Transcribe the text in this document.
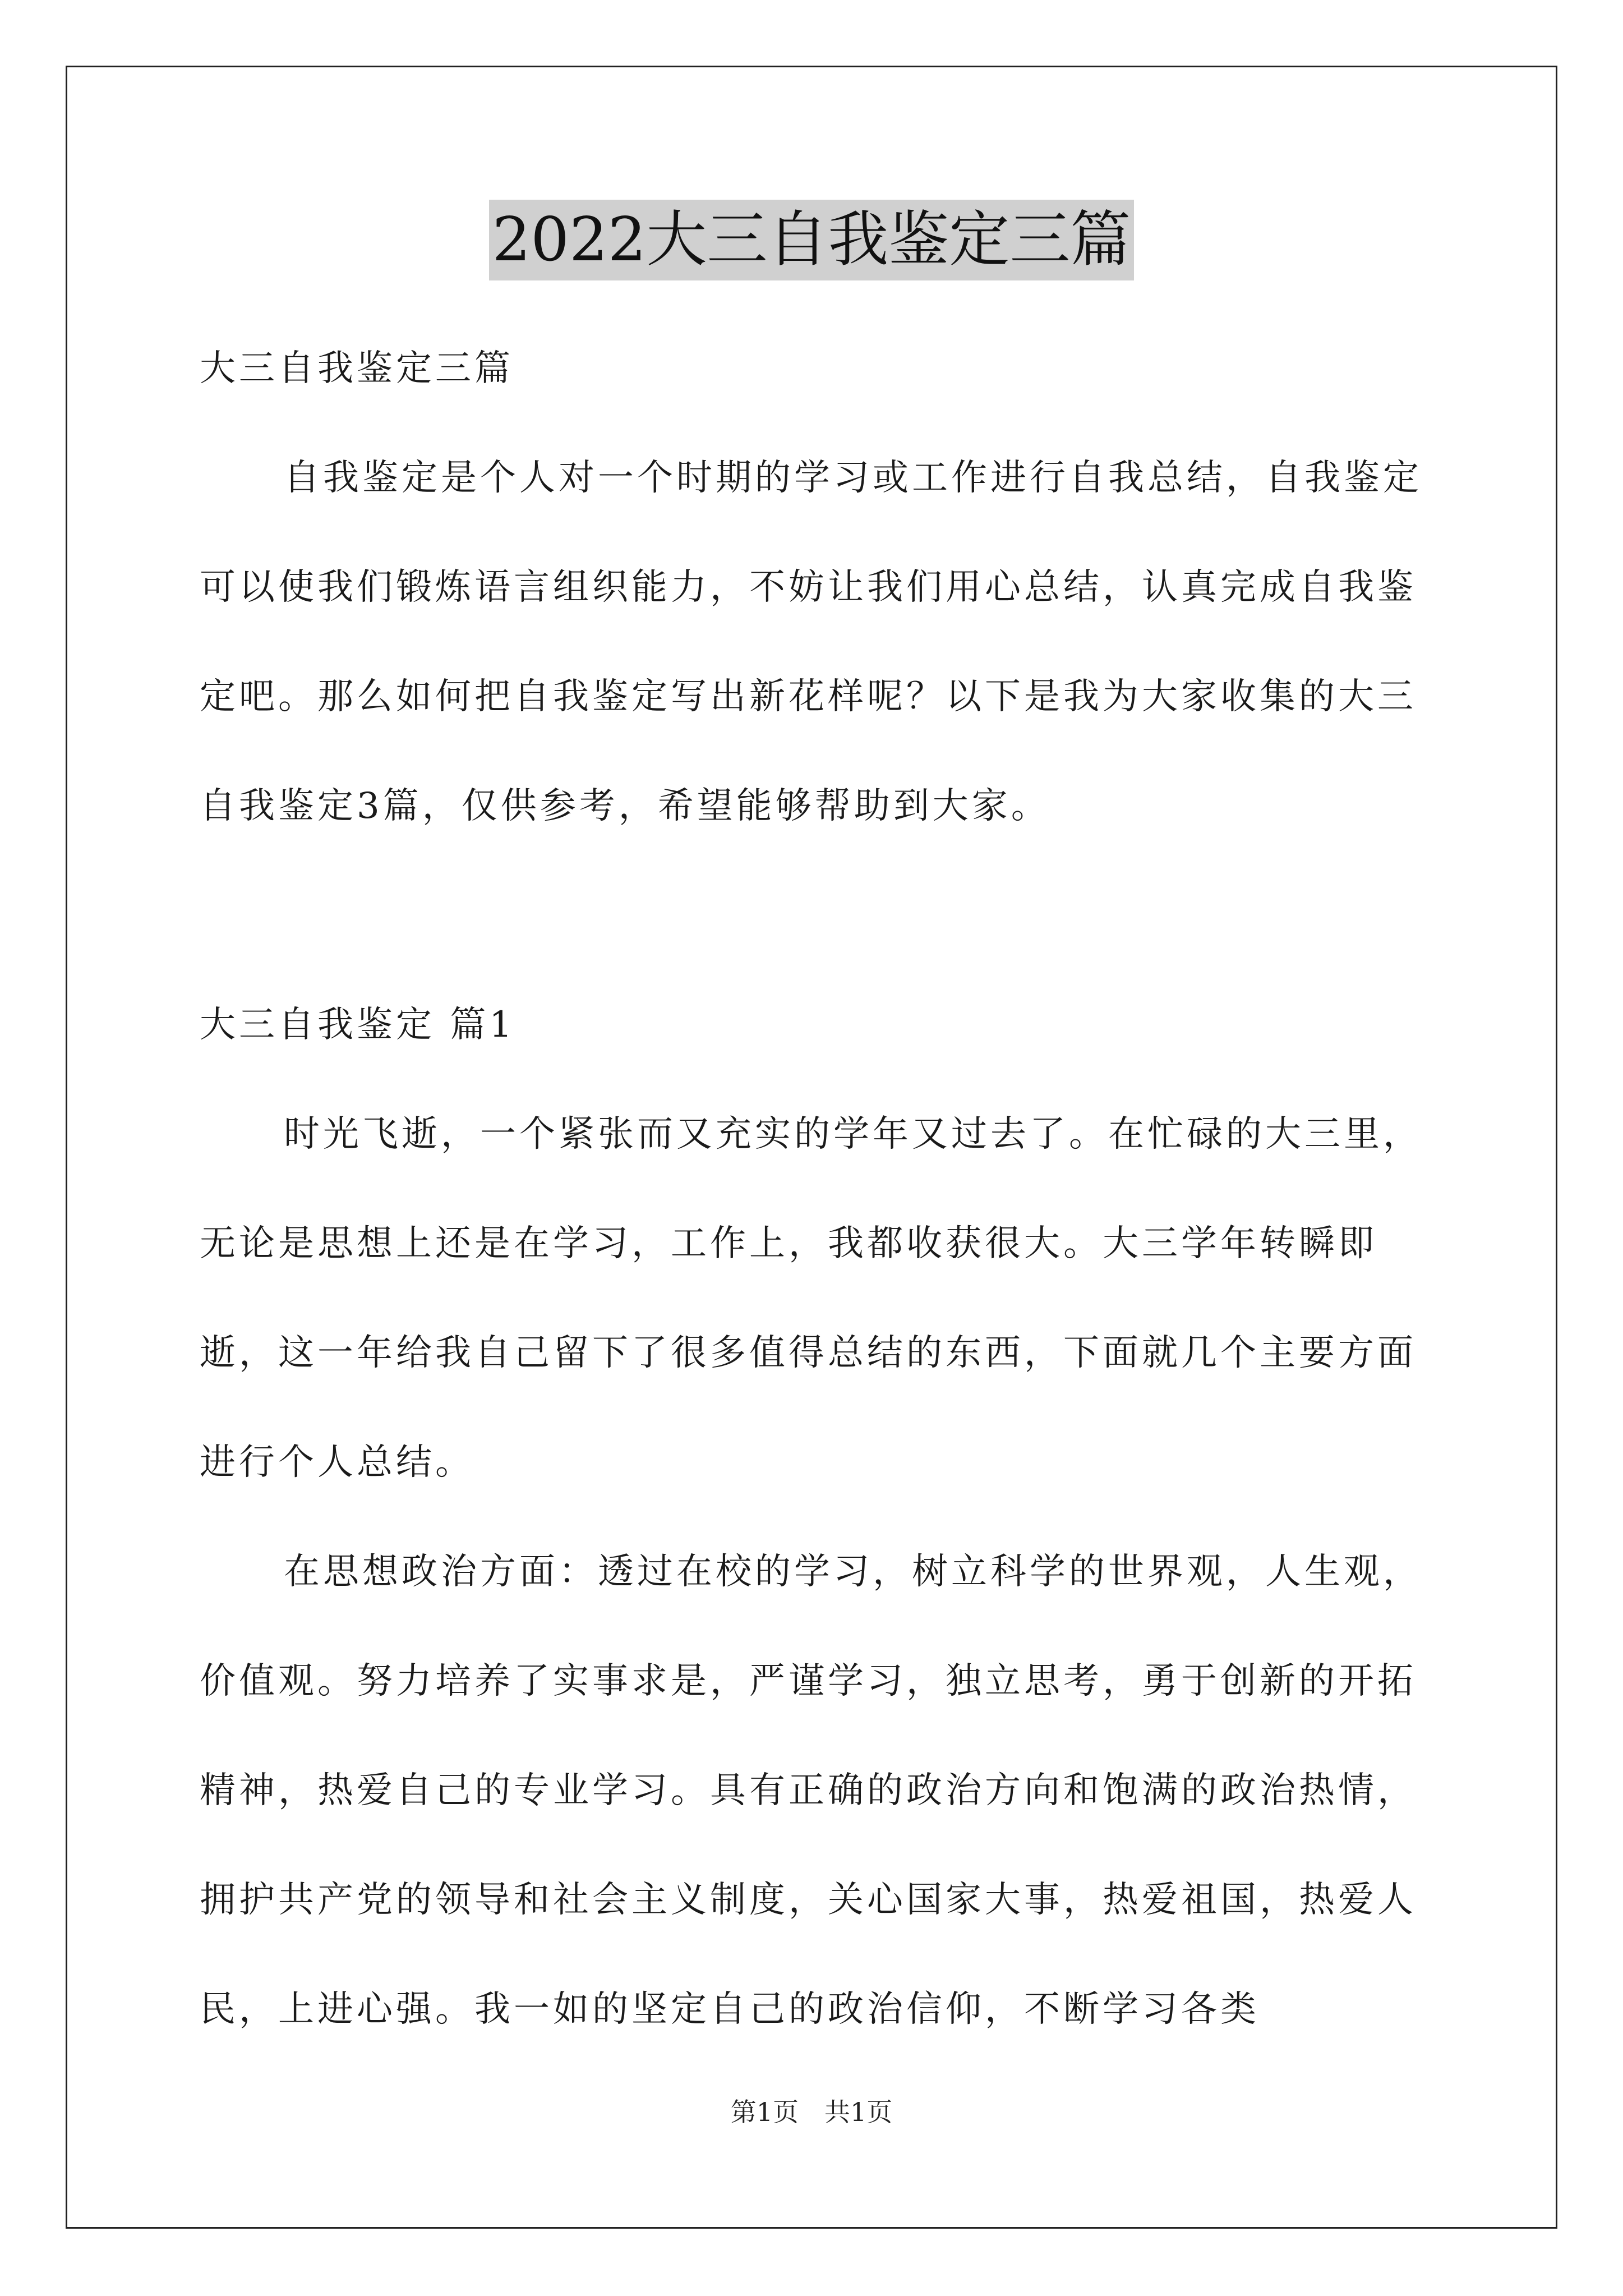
2022大三自我鉴定三篇

大三自我鉴定三篇

自我鉴定是个人对一个时期的学习或工作进行自我总结，自我鉴定可以使我们锻炼语言组织能力，不妨让我们用心总结，认真完成自我鉴定吧。那么如何把自我鉴定写出新花样呢？以下是我为大家收集的大三自我鉴定3篇，仅供参考，希望能够帮助到大家。

大三自我鉴定 篇1

时光飞逝，一个紧张而又充实的学年又过去了。在忙碌的大三里，无论是思想上还是在学习，工作上，我都收获很大。大三学年转瞬即逝，这一年给我自己留下了很多值得总结的东西，下面就几个主要方面进行个人总结。

在思想政治方面：透过在校的学习，树立科学的世界观，人生观，价值观。努力培养了实事求是，严谨学习，独立思考，勇于创新的开拓精神，热爱自己的专业学习。具有正确的政治方向和饱满的政治热情，拥护共产党的领导和社会主义制度，关心国家大事，热爱祖国，热爱人民，上进心强。我一如的坚定自己的政治信仰，不断学习各类

第1页　共1页
